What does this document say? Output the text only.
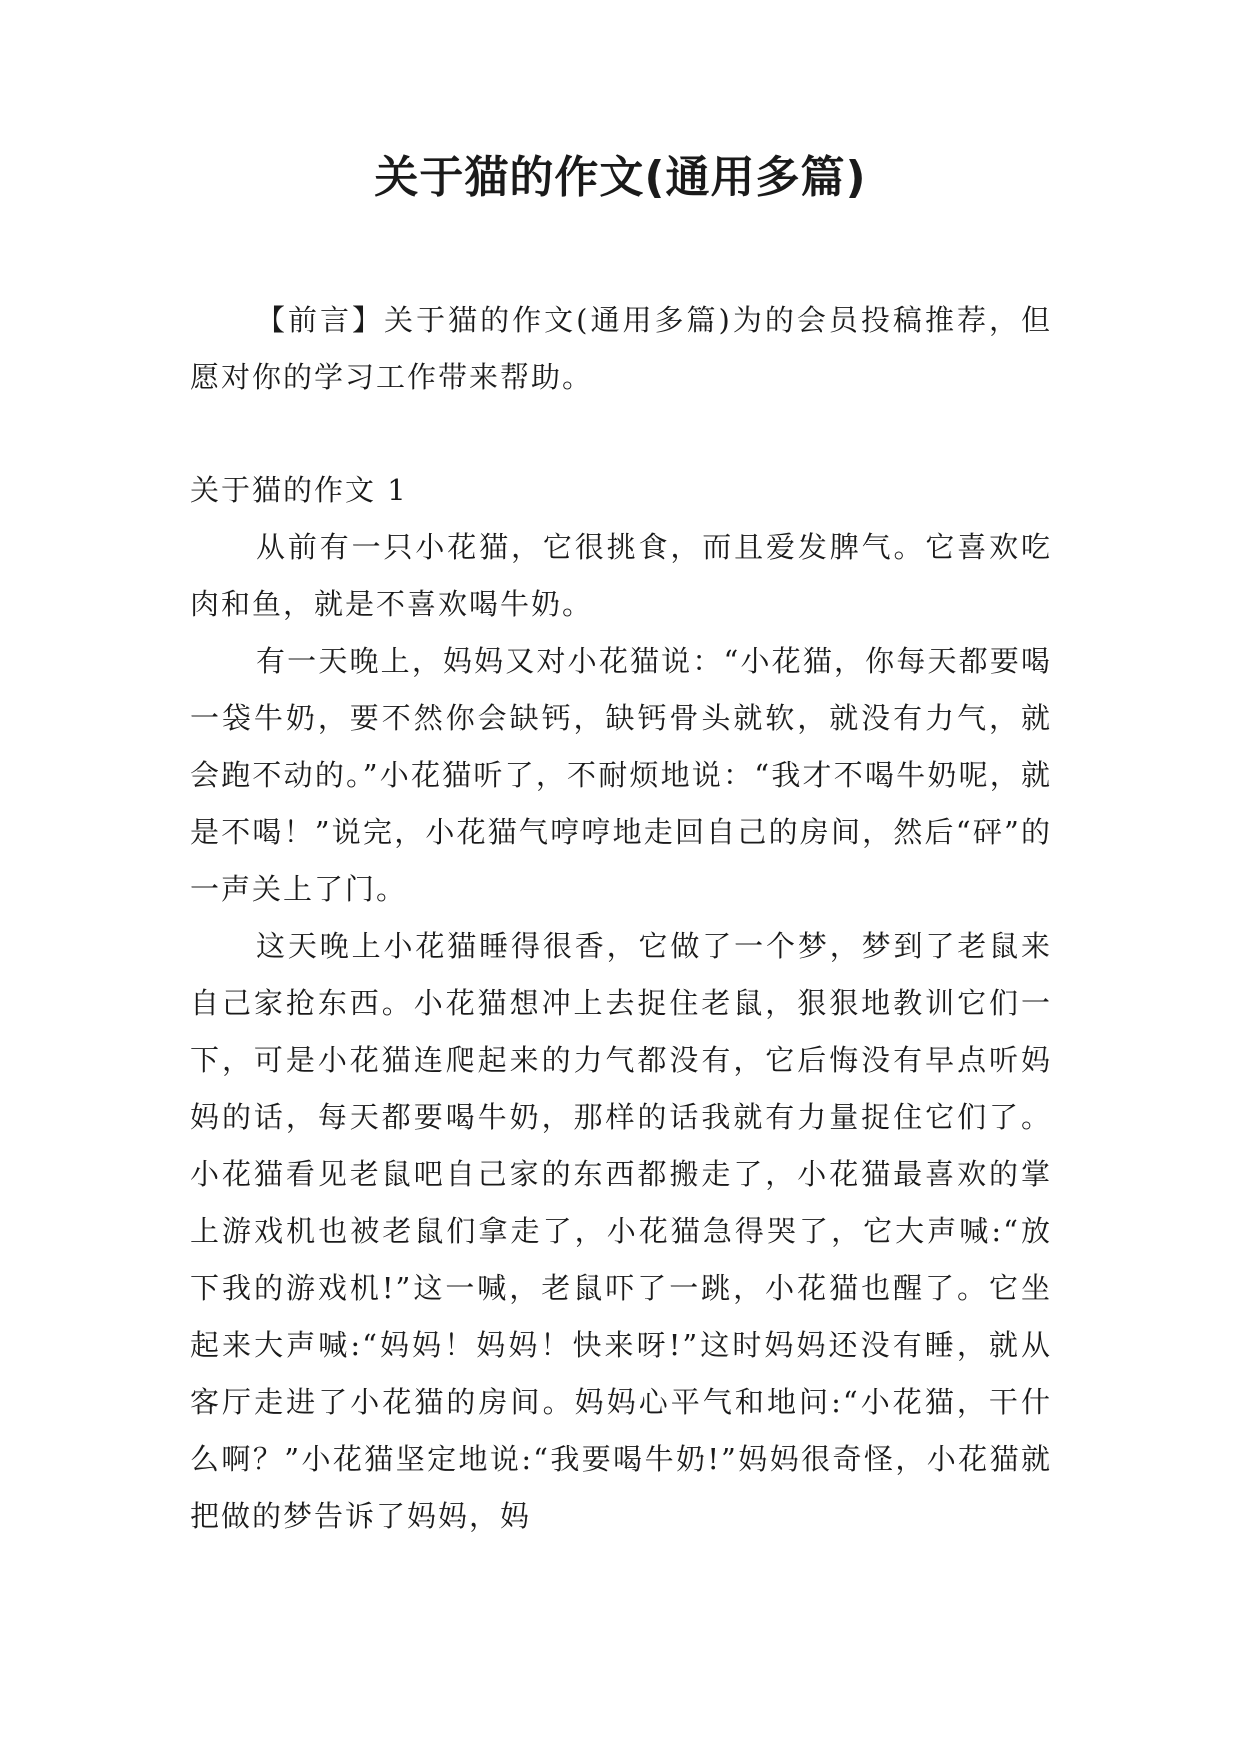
关于猫的作文(通用多篇)

【前言】关于猫的作文(通用多篇)为的会员投稿推荐，但愿对你的学习工作带来帮助。

关于猫的作文 1

从前有一只小花猫，它很挑食，而且爱发脾气。它喜欢吃肉和鱼，就是不喜欢喝牛奶。

有一天晚上，妈妈又对小花猫说：“小花猫，你每天都要喝一袋牛奶，要不然你会缺钙，缺钙骨头就软，就没有力气，就会跑不动的。”小花猫听了，不耐烦地说：“我才不喝牛奶呢，就是不喝！”说完，小花猫气哼哼地走回自己的房间，然后“砰”的一声关上了门。

这天晚上小花猫睡得很香，它做了一个梦，梦到了老鼠来自己家抢东西。小花猫想冲上去捉住老鼠，狠狠地教训它们一下，可是小花猫连爬起来的力气都没有，它后悔没有早点听妈妈的话，每天都要喝牛奶，那样的话我就有力量捉住它们了。小花猫看见老鼠吧自己家的东西都搬走了，小花猫最喜欢的掌上游戏机也被老鼠们拿走了，小花猫急得哭了，它大声喊:“放下我的游戏机!”这一喊，老鼠吓了一跳，小花猫也醒了。它坐起来大声喊:“妈妈！妈妈！快来呀!”这时妈妈还没有睡，就从客厅走进了小花猫的房间。妈妈心平气和地问:“小花猫，干什么啊？”小花猫坚定地说:“我要喝牛奶!”妈妈很奇怪，小花猫就把做的梦告诉了妈妈，妈
